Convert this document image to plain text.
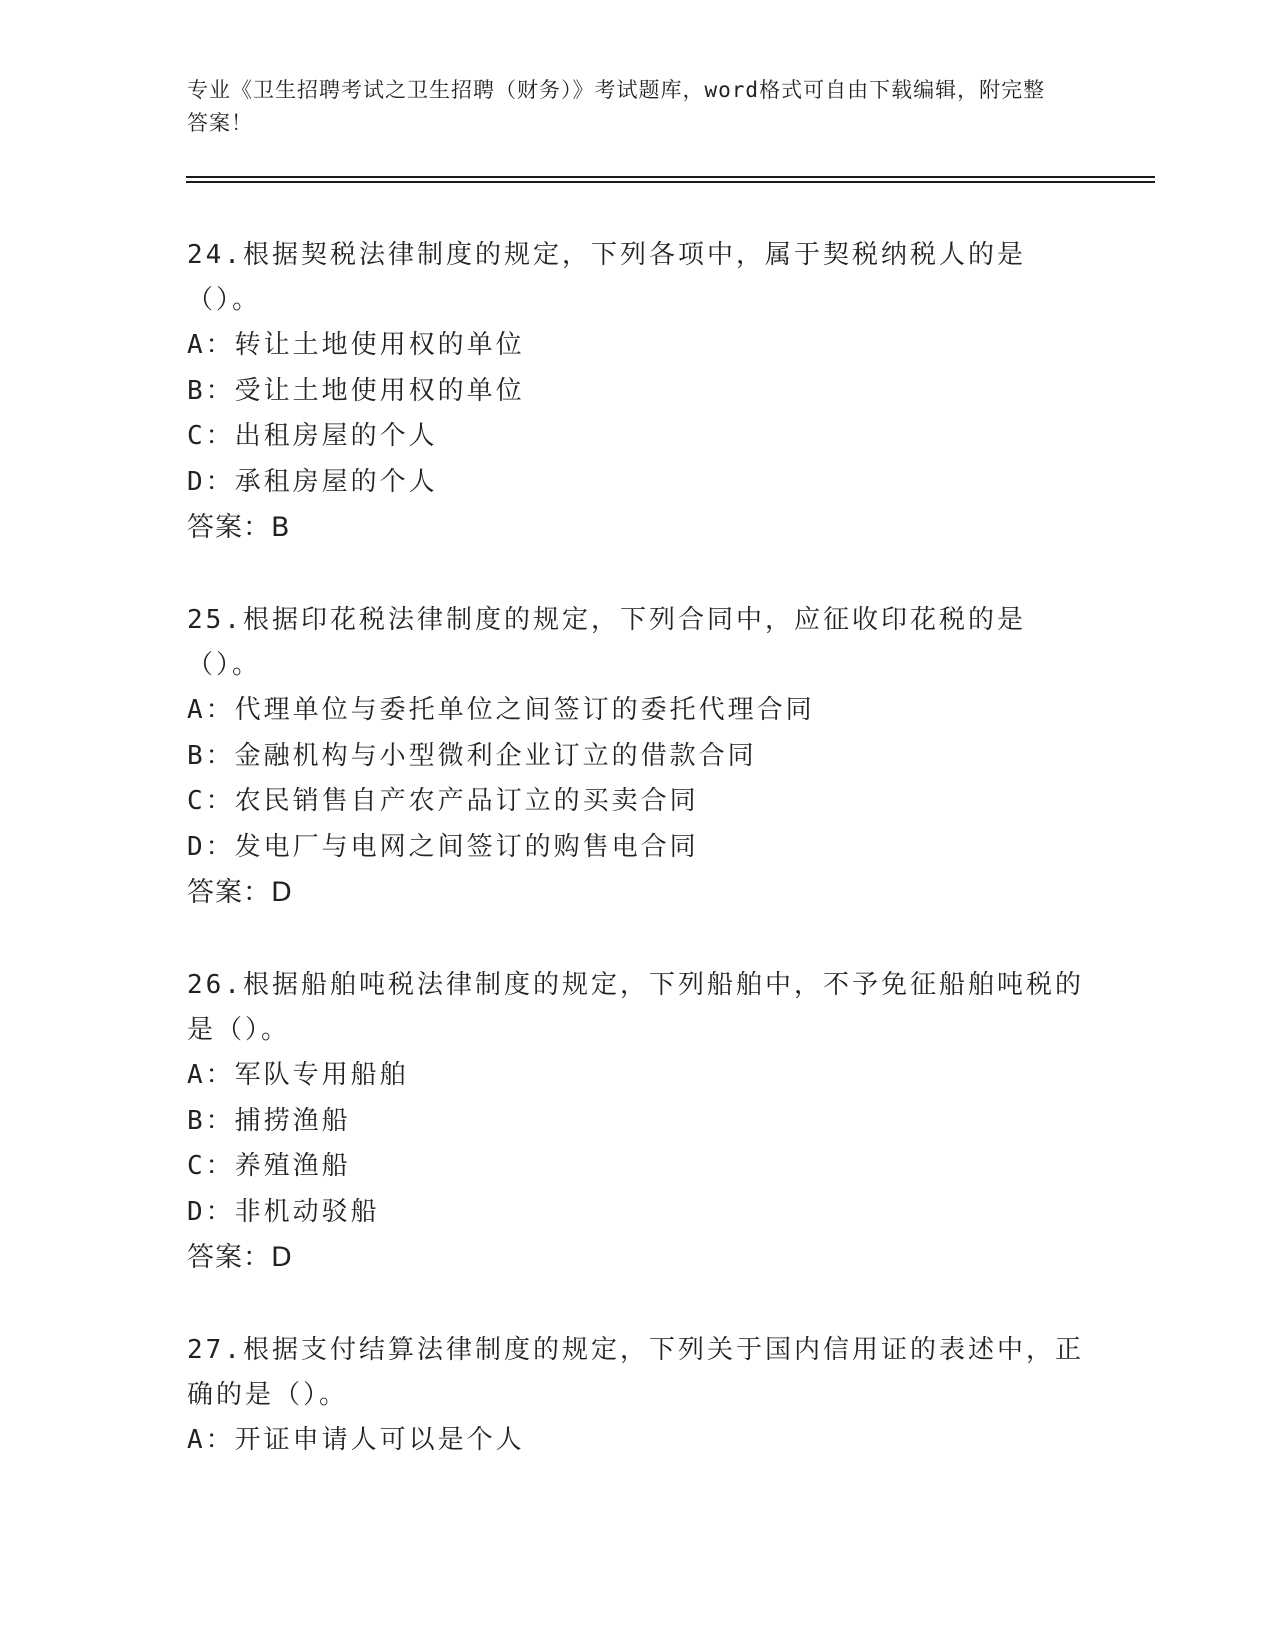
专业《卫生招聘考试之卫生招聘（财务）》考试题库，word格式可自由下载编辑，附完整答案！

24.根据契税法律制度的规定，下列各项中，属于契税纳税人的是（）。

A：转让土地使用权的单位

B：受让土地使用权的单位

C：出租房屋的个人

D：承租房屋的个人

答案：B

25.根据印花税法律制度的规定，下列合同中，应征收印花税的是（）。

A：代理单位与委托单位之间签订的委托代理合同

B：金融机构与小型微利企业订立的借款合同

C：农民销售自产农产品订立的买卖合同

D：发电厂与电网之间签订的购售电合同

答案：D

26.根据船舶吨税法律制度的规定，下列船舶中，不予免征船舶吨税的是（）。

A：军队专用船舶

B：捕捞渔船

C：养殖渔船

D：非机动驳船

答案：D

27.根据支付结算法律制度的规定，下列关于国内信用证的表述中，正确的是（）。

A：开证申请人可以是个人
